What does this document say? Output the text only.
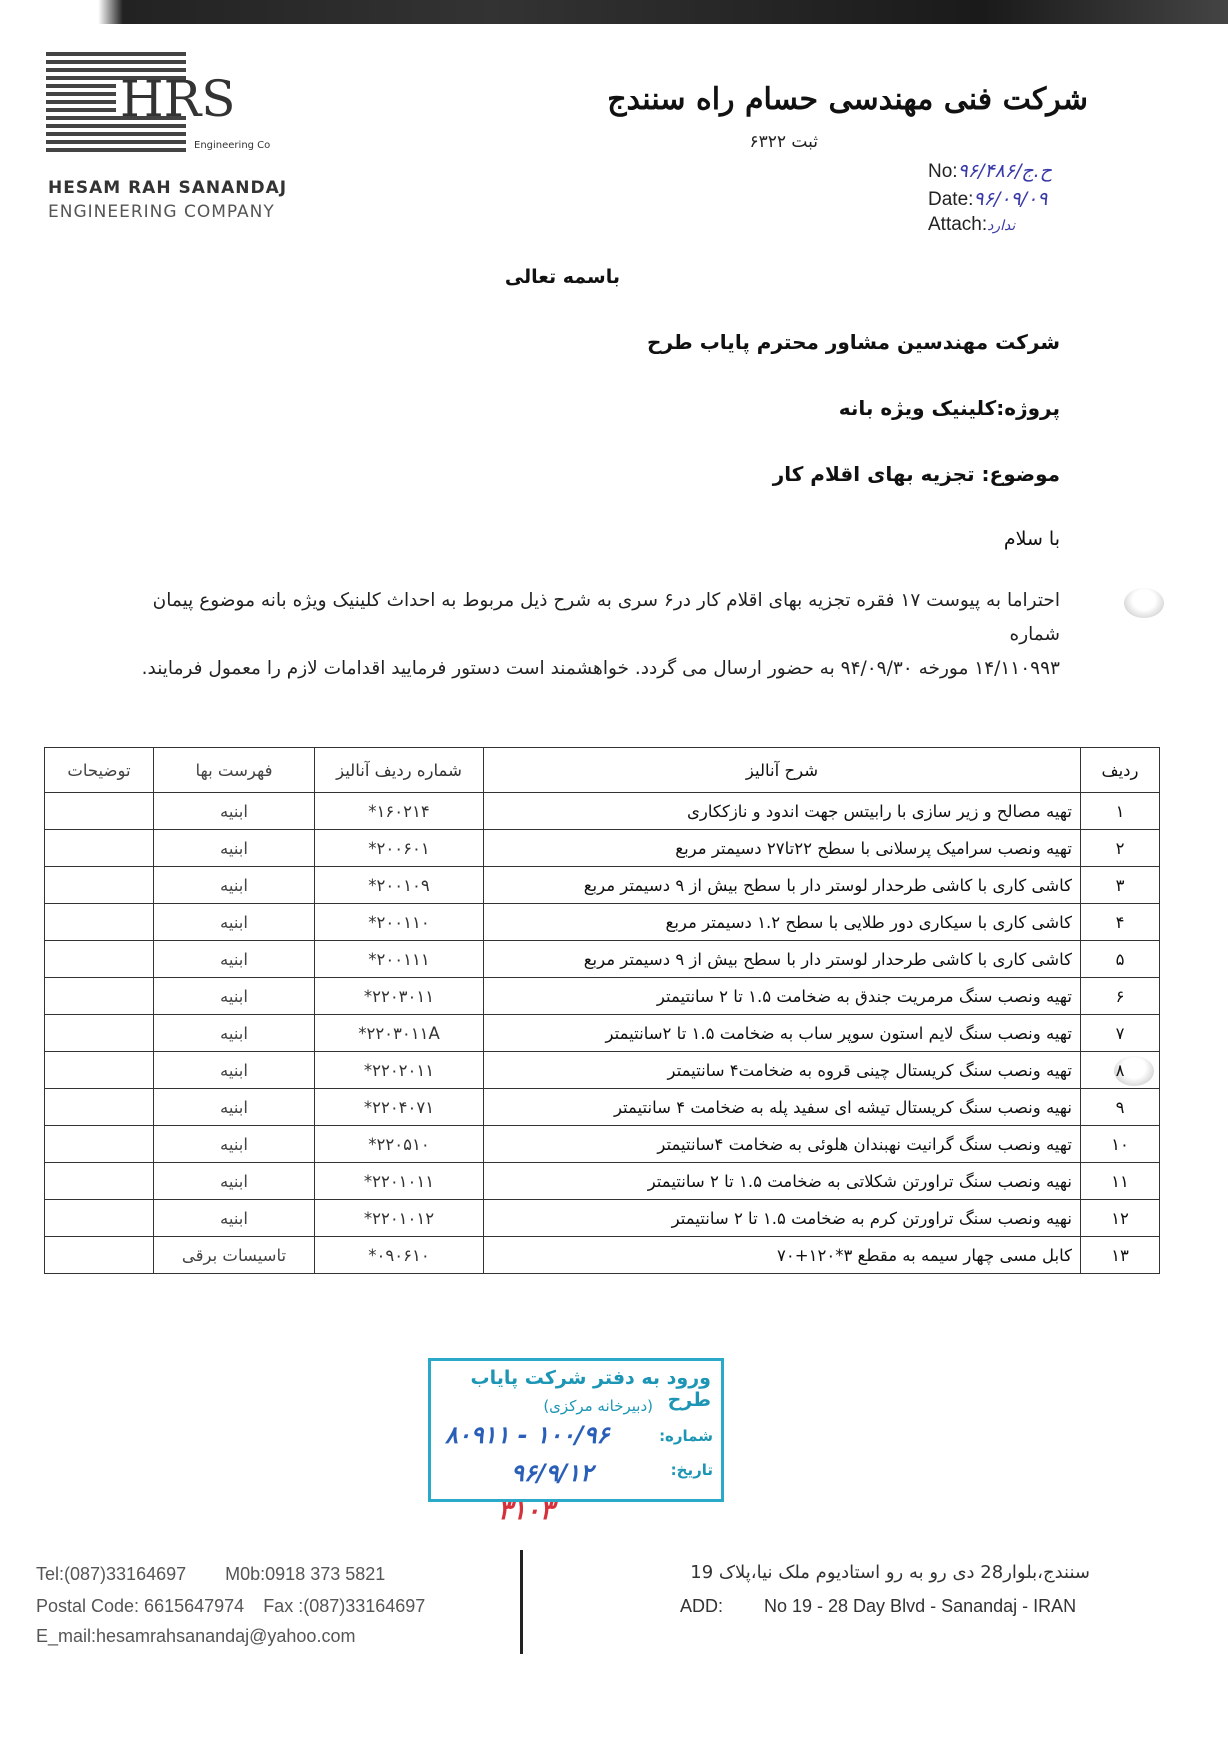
HRS
Engineering Co
HESAM RAH SANANDAJ
ENGINEERING COMPANY
شرکت فنی مهندسی حسام راه سنندج
ثبت ۶۳۲۲
No:۹۶/ح.ج/۴۸۶
Date:۹۶/۰۹/۰۹
Attach:ندارد
باسمه تعالی
شرکت مهندسین مشاور محترم پایاب طرح
پروژه:کلینیک ویژه بانه
موضوع: تجزیه بهای اقلام کار
با سلام
احتراما به پیوست ۱۷ فقره تجزیه بهای اقلام کار در۶ سری به شرح ذیل مربوط به احداث کلینیک ویژه بانه موضوع پیمان شماره
۱۴/۱۱۰۹۹۳ مورخه ۹۴/۰۹/۳۰ به حضور ارسال می گردد. خواهشمند است دستور فرمایید اقدامات لازم را معمول فرمایند.
ردیف	شرح آنالیز	شماره ردیف آنالیز	فهرست بها	توضیحات
۱	تهیه مصالح و زیر سازی با رابیتس جهت اندود و نازککاری	۱۶۰۲۱۴*	ابنیه	
۲	تهیه ونصب سرامیک پرسلانی با سطح ۲۲تا۲۷ دسیمتر مربع	۲۰۰۶۰۱*	ابنیه	
۳	کاشی کاری با کاشی طرحدار لوستر دار با سطح بیش از ۹ دسیمتر مربع	۲۰۰۱۰۹*	ابنیه	
۴	کاشی کاری با سیکاری دور طلایی با سطح ۱.۲ دسیمتر مربع	۲۰۰۱۱۰*	ابنیه	
۵	کاشی کاری با کاشی طرحدار لوستر دار با سطح بیش از ۹ دسیمتر مربع	۲۰۰۱۱۱*	ابنیه	
۶	تهیه ونصب سنگ مرمریت جندق به ضخامت ۱.۵ تا ۲ سانتیمتر	۲۲۰۳۰۱۱*	ابنیه	
۷	تهیه ونصب سنگ لایم استون سوپر ساب به ضخامت ۱.۵ تا ۲سانتیمتر	۲۲۰۳۰۱۱A*	ابنیه	
۸	تهیه ونصب سنگ کریستال چینی قروه به ضخامت۴ سانتیمتر	۲۲۰۲۰۱۱*	ابنیه	
۹	نهیه ونصب سنگ کریستال تیشه ای سفید پله به ضخامت ۴ سانتیمتر	۲۲۰۴۰۷۱*	ابنیه	
۱۰	تهیه ونصب سنگ گرانیت نهبندان هلوئی به ضخامت ۴سانتیمتر	۲۲۰۵۱۰*	ابنیه	
۱۱	نهیه ونصب سنگ تراورتن شکلاتی به ضخامت ۱.۵ تا ۲ سانتیمتر	۲۲۰۱۰۱۱*	ابنیه	
۱۲	نهیه ونصب سنگ تراورتن کرم به ضخامت ۱.۵ تا ۲ سانتیمتر	۲۲۰۱۰۱۲*	ابنیه	
۱۳	کابل مسی چهار سیمه به مقطع ۳*۱۲۰+۷۰	۰۹۰۶۱۰*	تاسیسات برقی	
ورود به دفتر شرکت پایاب طرح
(دبیرخانه مرکزی)
شماره:
تاریخ:
۸۰۹۱۱ - ۱۰۰/۹۶
۹۶/۹/۱۲
۳۱۰۳
Tel:(087)33164697 M0b:0918 373 5821
Postal Code: 6615647974 Fax :(087)33164697
E_mail:hesamrahsanandaj@yahoo.com
سنندج،بلوار28 دی رو به رو استادیوم ملک نیا،پلاک 19
ADD: No 19 - 28 Day Blvd - Sanandaj - IRAN
